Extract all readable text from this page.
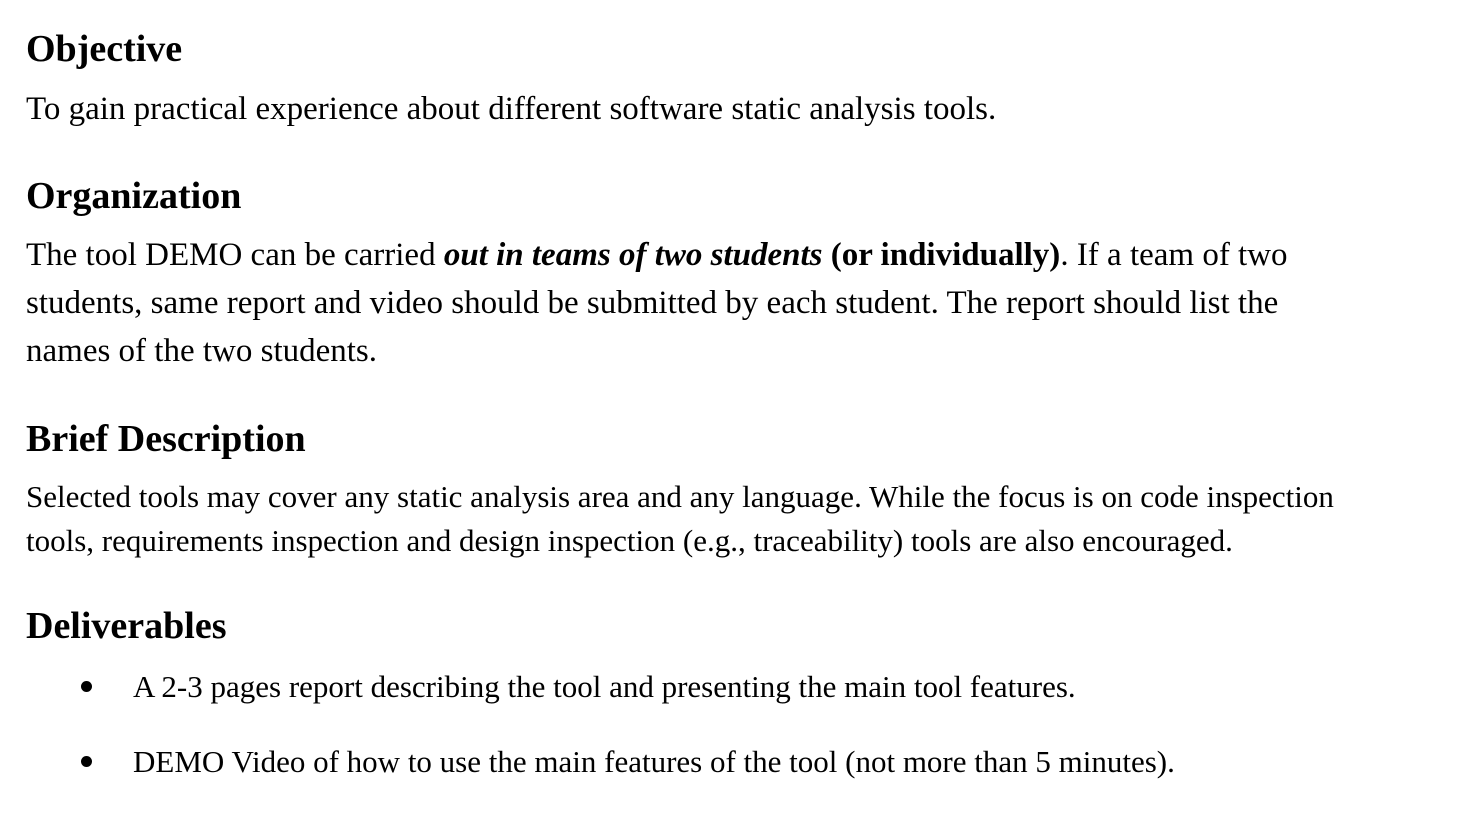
Objective
To gain practical experience about different software static analysis tools.
Organization
The tool DEMO can be carried out in teams of two students (or individually). If a team of two
students, same report and video should be submitted by each student. The report should list the
names of the two students.
Brief Description
Selected tools may cover any static analysis area and any language. While the focus is on code inspection
tools, requirements inspection and design inspection (e.g., traceability) tools are also encouraged.
Deliverables
A 2-3 pages report describing the tool and presenting the main tool features.
DEMO Video of how to use the main features of the tool (not more than 5 minutes).
